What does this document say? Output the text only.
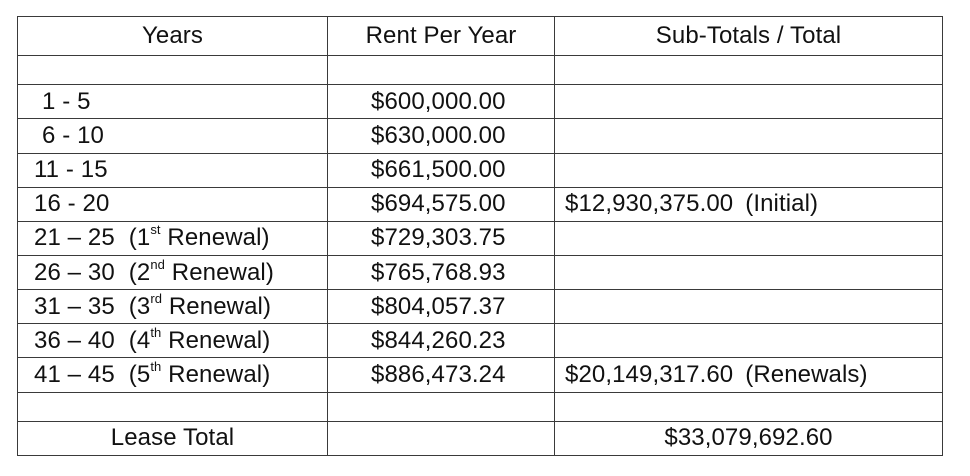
Years	Rent Per Year	Sub-Totals / Total

1 - 5	$600,000.00	
6 - 10	$630,000.00	
11 - 15	$661,500.00	
16 - 20	$694,575.00	$12,930,375.00 (Initial)
21 – 25 (1st Renewal)	$729,303.75	
26 – 30 (2nd Renewal)	$765,768.93	
31 – 35 (3rd Renewal)	$804,057.37	
36 – 40 (4th Renewal)	$844,260.23	
41 – 45 (5th Renewal)	$886,473.24	$20,149,317.60 (Renewals)

Lease Total		$33,079,692.60
